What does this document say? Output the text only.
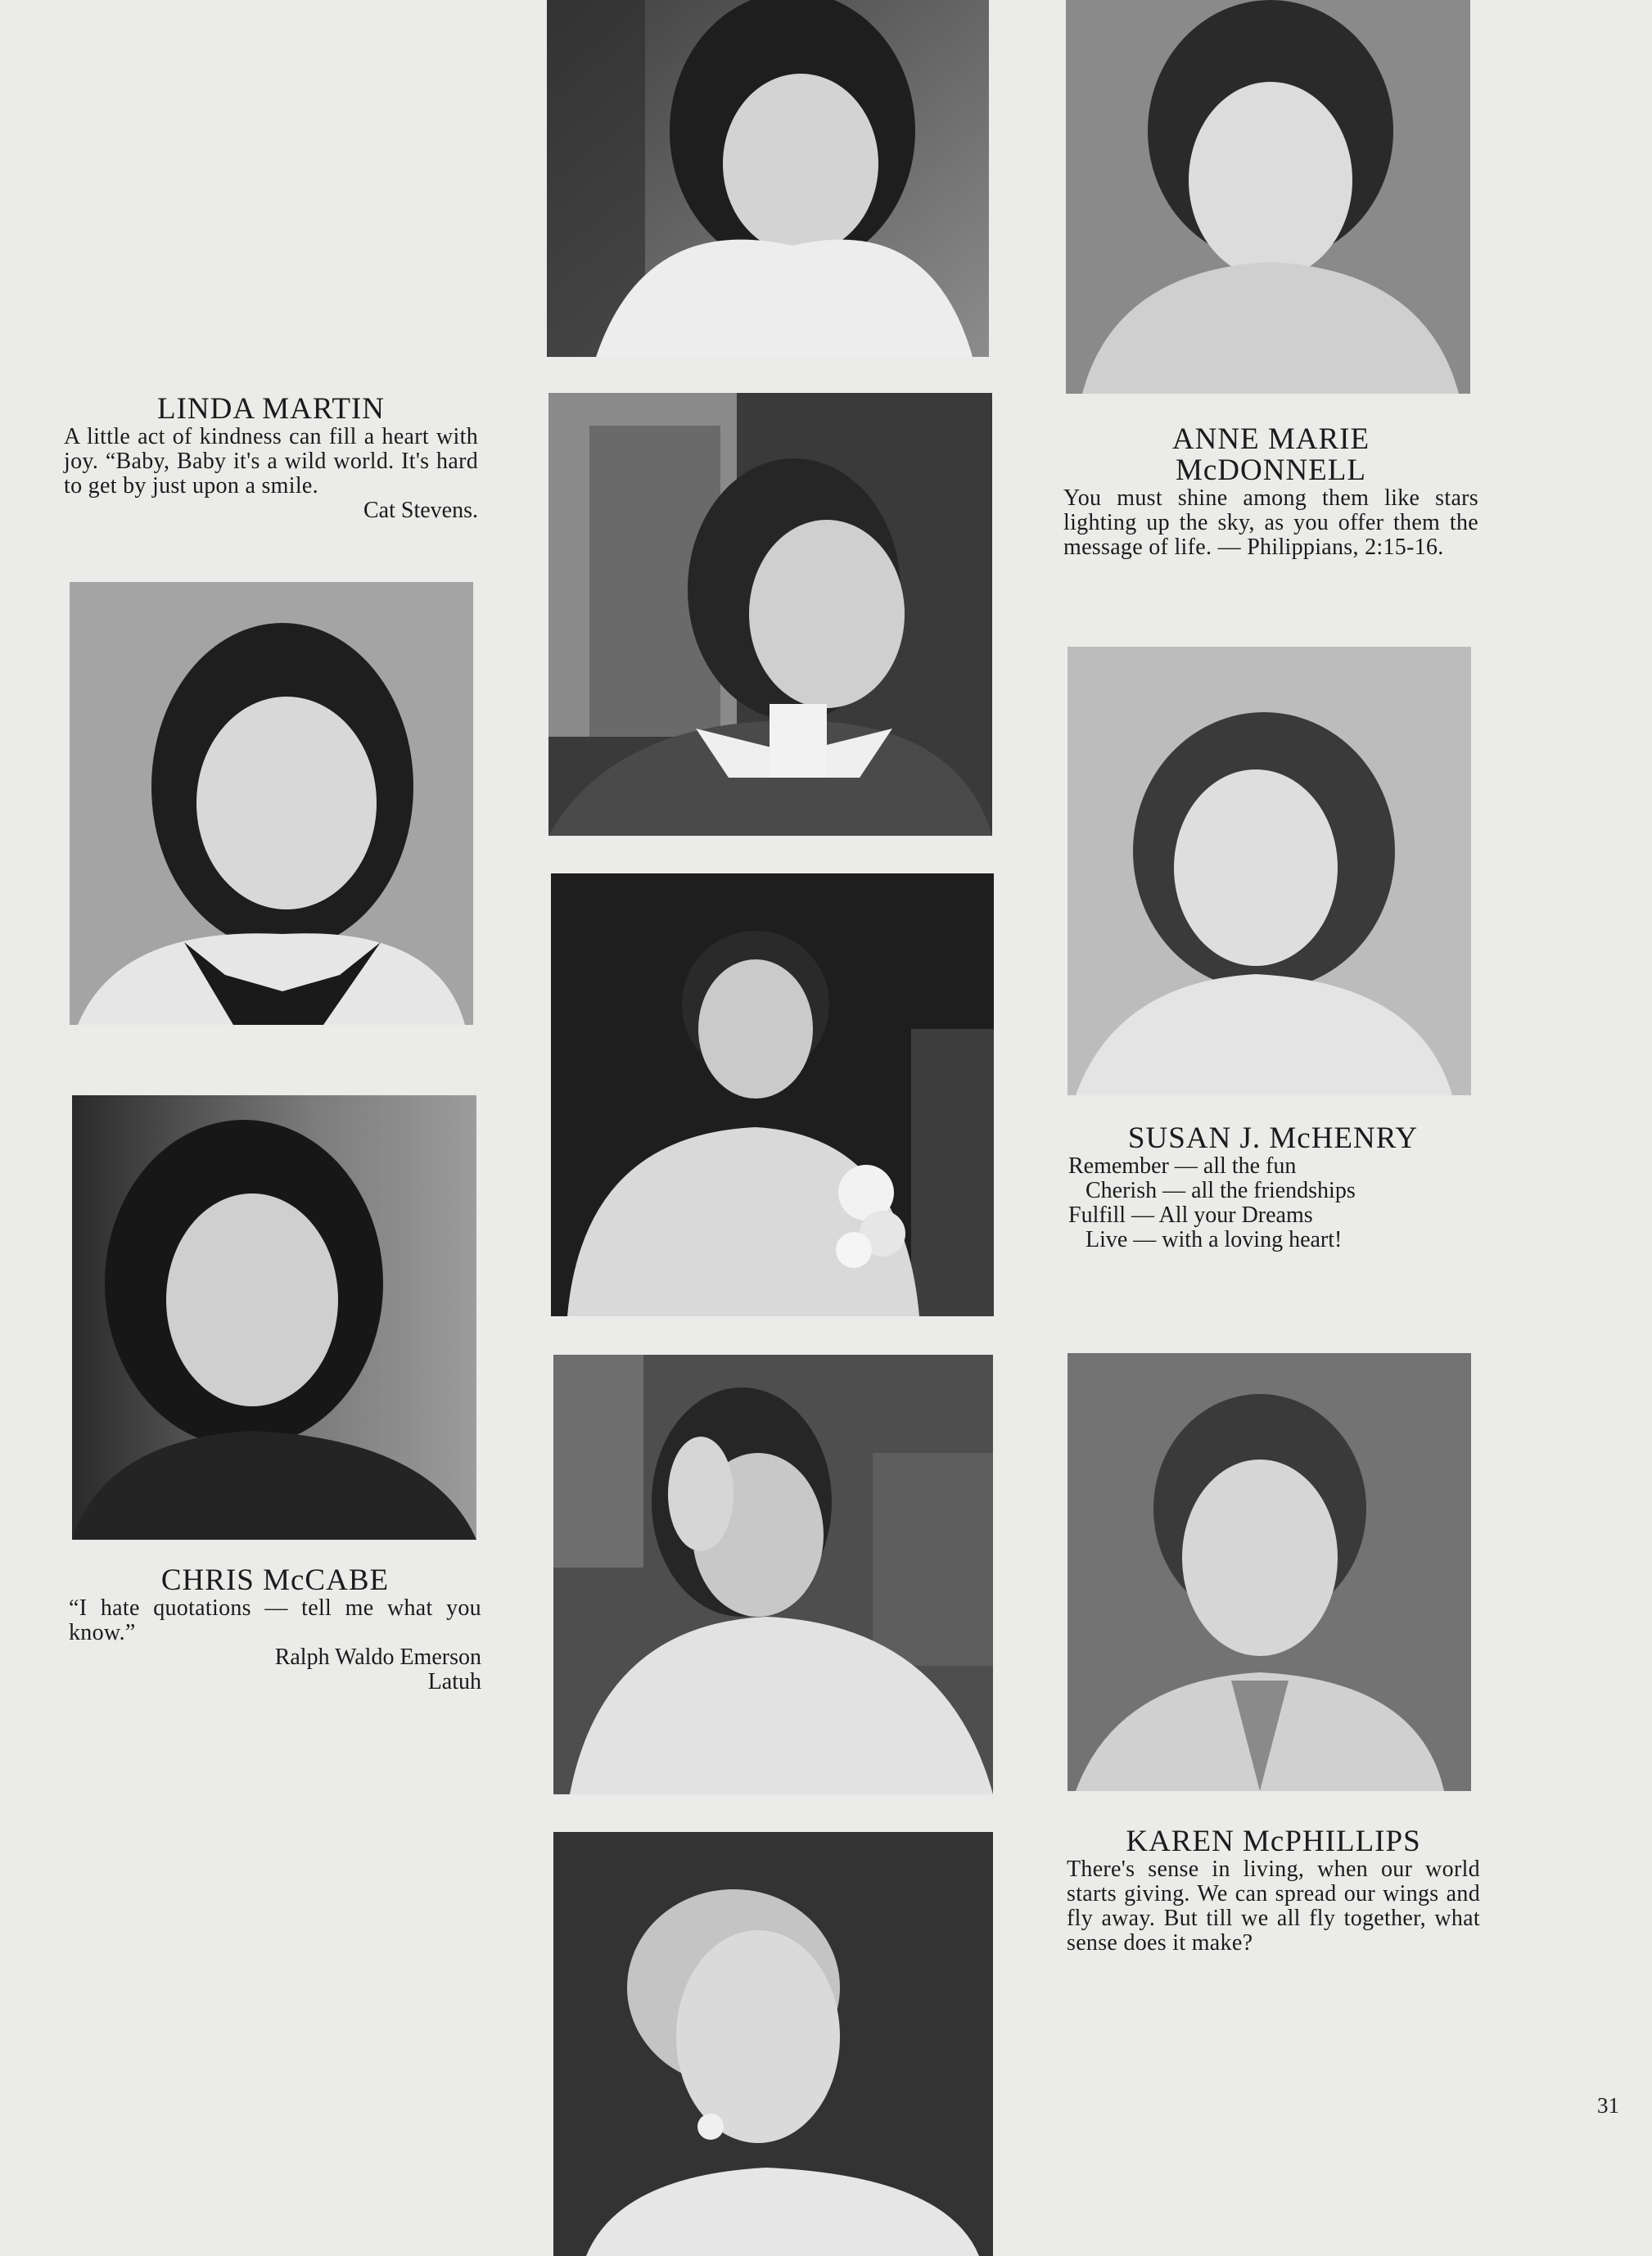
LINDA MARTIN

A little act of kindness can fill a heart with joy. “Baby, Baby it's a wild world. It's hard to get by just upon a smile.

Cat Stevens.

ANNE MARIE

McDONNELL

You must shine among them like stars lighting up the sky, as you offer them the message of life. — Philippians, 2:15-16.

SUSAN J. McHENRY

Remember — all the fun

Cherish — all the friendships

Fulfill — All your Dreams

Live — with a loving heart!

CHRIS McCABE

“I hate quotations — tell me what you know.”

Ralph Waldo Emerson

Latuh

KAREN McPHILLIPS

There's sense in living, when our world starts giving. We can spread our wings and fly away. But till we all fly together, what sense does it make?

31
